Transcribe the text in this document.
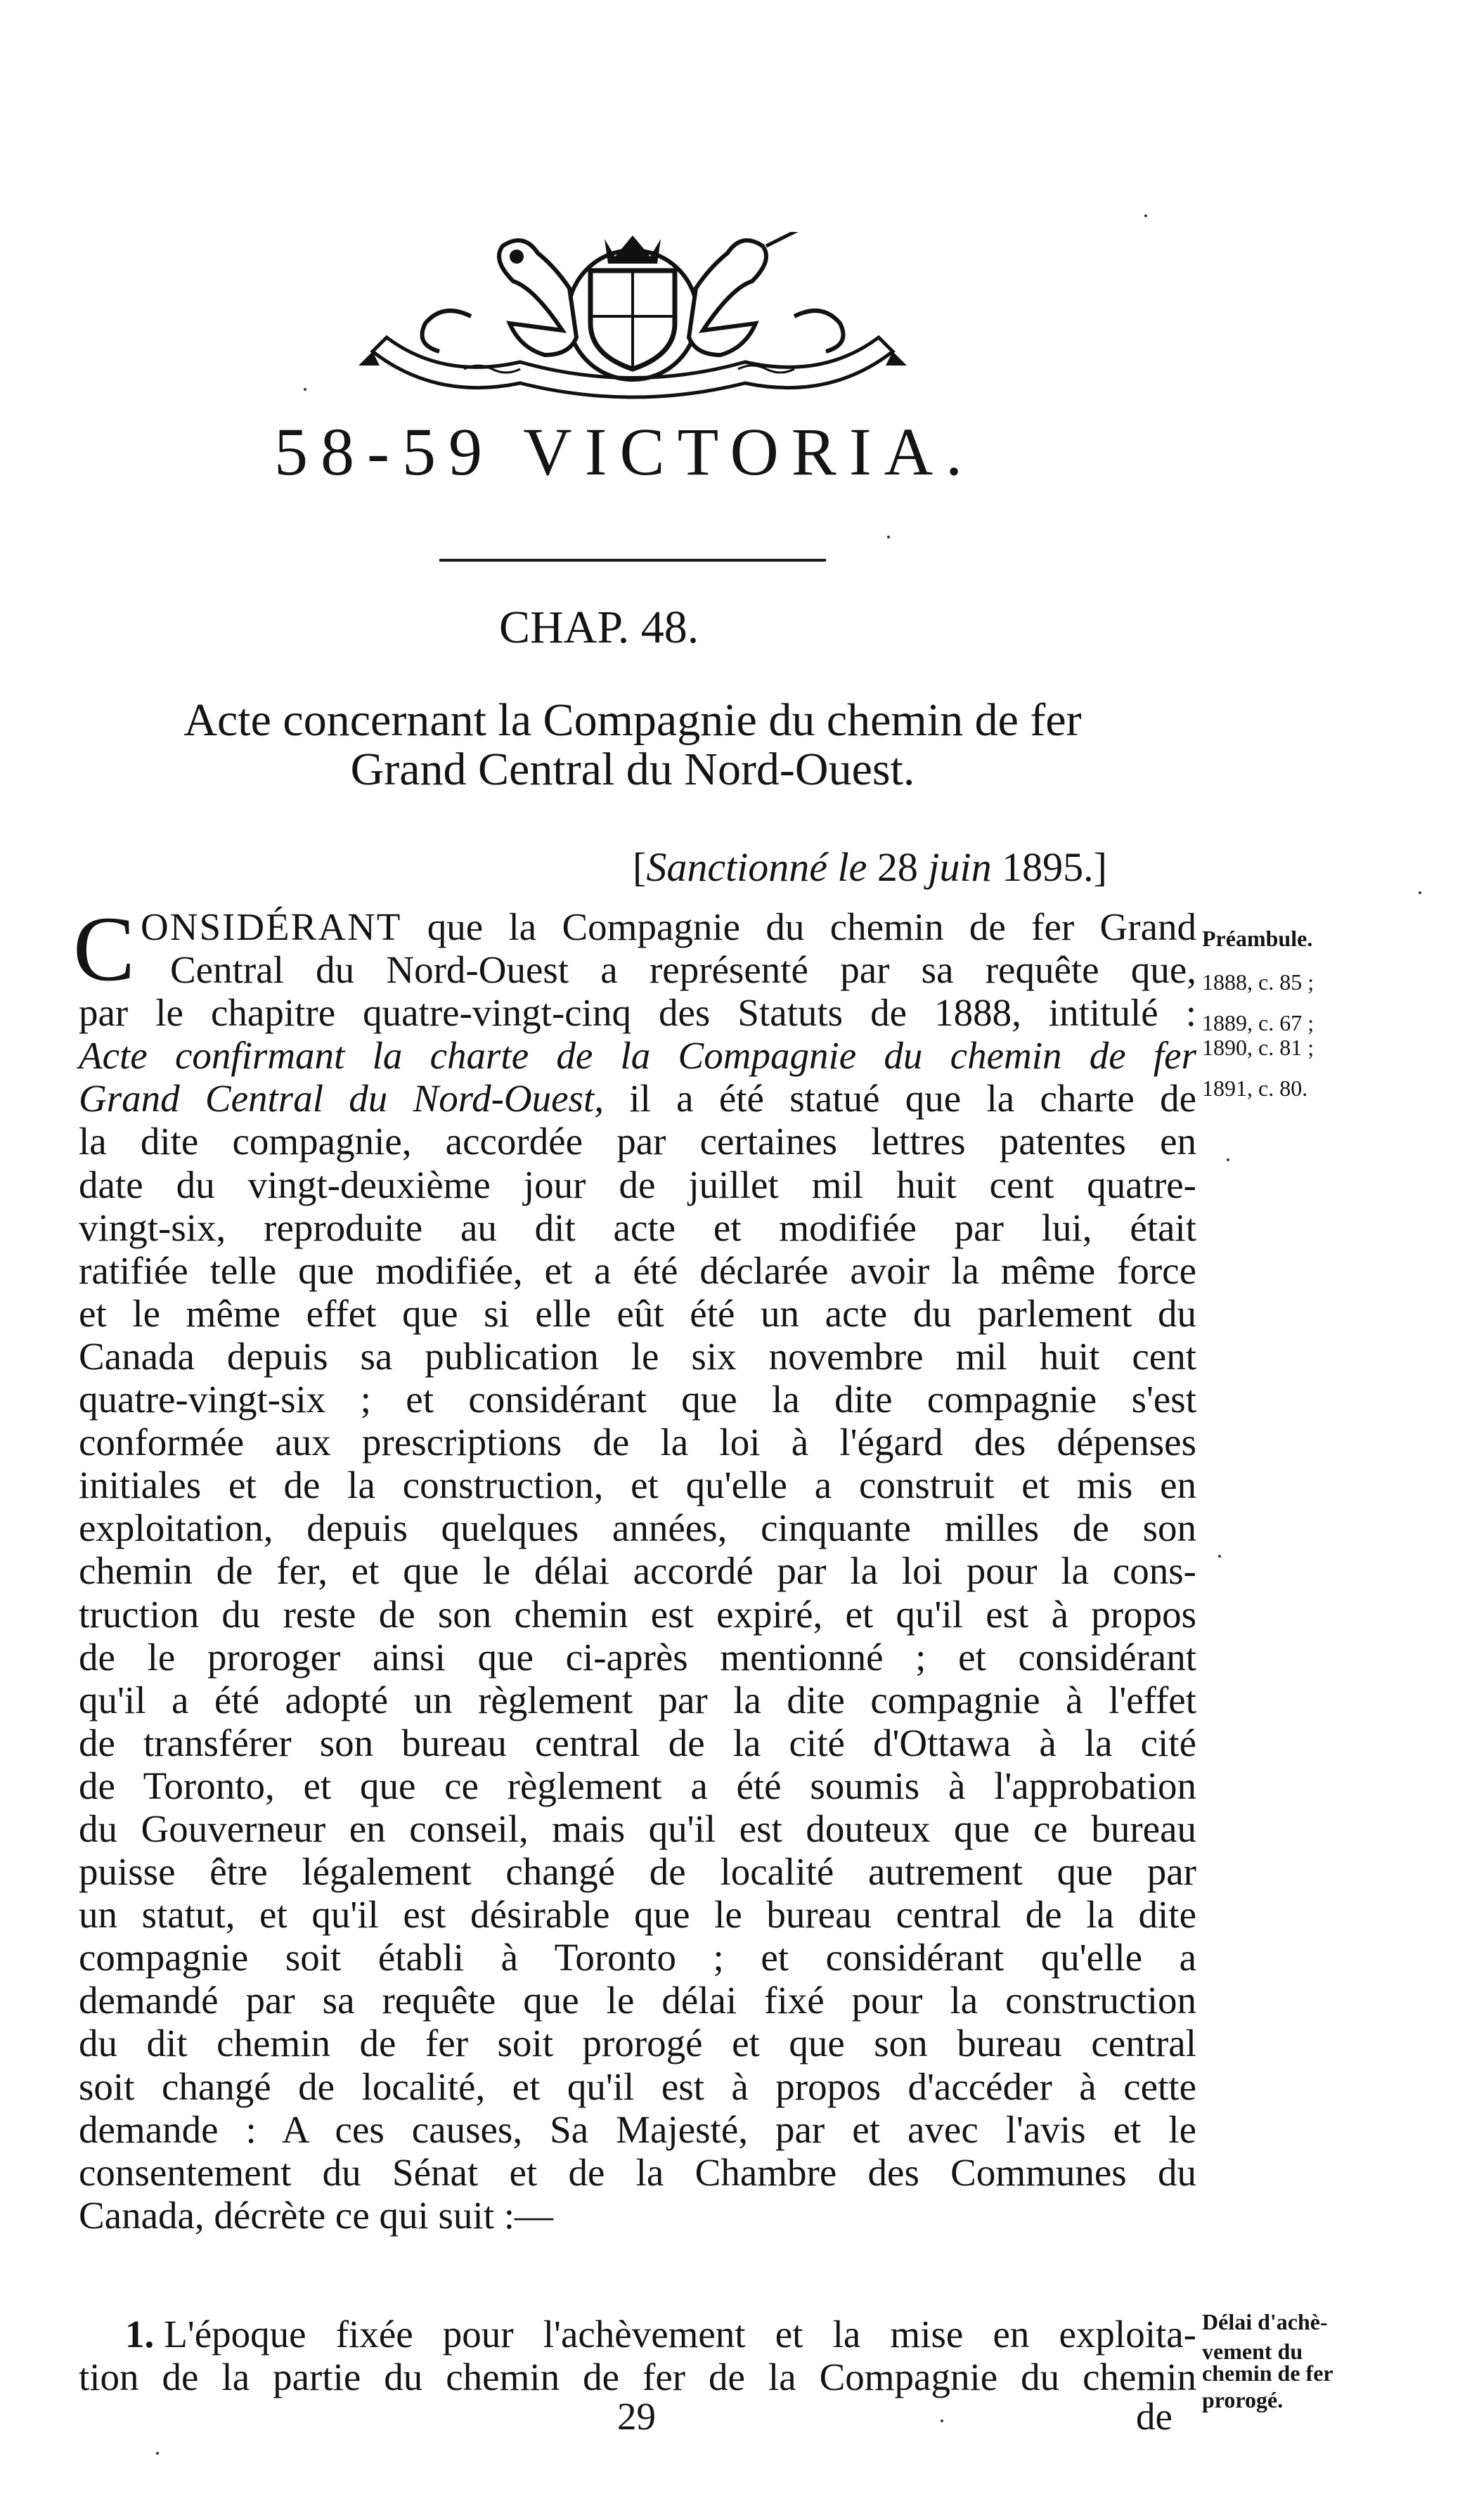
58-59 VICTORIA.
CHAP. 48.
Acte concernant la Compagnie du chemin de fer
Grand Central du Nord-Ouest.
[Sanctionné le 28 juin 1895.]
C ONSIDÉRANT que la Compagnie du chemin de fer Grand
Central du Nord-Ouest a représenté par sa requête que,
par le chapitre quatre-vingt-cinq des Statuts de 1888, intitulé :
Acte confirmant la charte de la Compagnie du chemin de fer
Grand Central du Nord-Ouest, il a été statué que la charte de
la dite compagnie, accordée par certaines lettres patentes en
date du vingt-deuxième jour de juillet mil huit cent quatre-
vingt-six, reproduite au dit acte et modifiée par lui, était
ratifiée telle que modifiée, et a été déclarée avoir la même force
et le même effet que si elle eût été un acte du parlement du
Canada depuis sa publication le six novembre mil huit cent
quatre-vingt-six ; et considérant que la dite compagnie s'est
conformée aux prescriptions de la loi à l'égard des dépenses
initiales et de la construction, et qu'elle a construit et mis en
exploitation, depuis quelques années, cinquante milles de son
chemin de fer, et que le délai accordé par la loi pour la cons-
truction du reste de son chemin est expiré, et qu'il est à propos
de le proroger ainsi que ci-après mentionné ; et considérant
qu'il a été adopté un règlement par la dite compagnie à l'effet
de transférer son bureau central de la cité d'Ottawa à la cité
de Toronto, et que ce règlement a été soumis à l'approbation
du Gouverneur en conseil, mais qu'il est douteux que ce bureau
puisse être légalement changé de localité autrement que par
un statut, et qu'il est désirable que le bureau central de la dite
compagnie soit établi à Toronto ; et considérant qu'elle a
demandé par sa requête que le délai fixé pour la construction
du dit chemin de fer soit prorogé et que son bureau central
soit changé de localité, et qu'il est à propos d'accéder à cette
demande : A ces causes, Sa Majesté, par et avec l'avis et le
consentement du Sénat et de la Chambre des Communes du
Canada, décrète ce qui suit :—
1. L'époque fixée pour l'achèvement et la mise en exploita-
tion de la partie du chemin de fer de la Compagnie du chemin
29	de
Préambule.
1888, c. 85 ;
1889, c. 67 ;
1890, c. 81 ;
1891, c. 80.
Délai d'achè-
vement du
chemin de fer
prorogé.
